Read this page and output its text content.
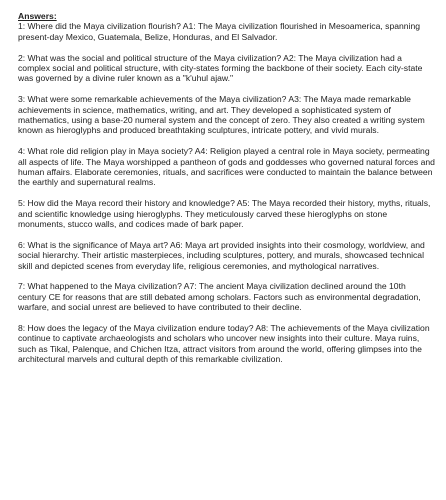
Answers:

1: Where did the Maya civilization flourish? A1: The Maya civilization flourished in Mesoamerica, spanning present-day Mexico, Guatemala, Belize, Honduras, and El Salvador.

2: What was the social and political structure of the Maya civilization? A2: The Maya civilization had a complex social and political structure, with city-states forming the backbone of their society. Each city-state was governed by a divine ruler known as a "k'uhul ajaw."

3: What were some remarkable achievements of the Maya civilization? A3: The Maya made remarkable achievements in science, mathematics, writing, and art. They developed a sophisticated system of mathematics, using a base-20 numeral system and the concept of zero. They also created a writing system known as hieroglyphs and produced breathtaking sculptures, intricate pottery, and vivid murals.

4: What role did religion play in Maya society? A4: Religion played a central role in Maya society, permeating all aspects of life. The Maya worshipped a pantheon of gods and goddesses who governed natural forces and human affairs. Elaborate ceremonies, rituals, and sacrifices were conducted to maintain the balance between the earthly and supernatural realms.

5: How did the Maya record their history and knowledge? A5: The Maya recorded their history, myths, rituals, and scientific knowledge using hieroglyphs. They meticulously carved these hieroglyphs on stone monuments, stucco walls, and codices made of bark paper.

6: What is the significance of Maya art? A6: Maya art provided insights into their cosmology, worldview, and social hierarchy. Their artistic masterpieces, including sculptures, pottery, and murals, showcased technical skill and depicted scenes from everyday life, religious ceremonies, and mythological narratives.

7: What happened to the Maya civilization? A7: The ancient Maya civilization declined around the 10th century CE for reasons that are still debated among scholars. Factors such as environmental degradation, warfare, and social unrest are believed to have contributed to their decline.

8: How does the legacy of the Maya civilization endure today? A8: The achievements of the Maya civilization continue to captivate archaeologists and scholars who uncover new insights into their culture. Maya ruins, such as Tikal, Palenque, and Chichen Itza, attract visitors from around the world, offering glimpses into the architectural marvels and cultural depth of this remarkable civilization.
